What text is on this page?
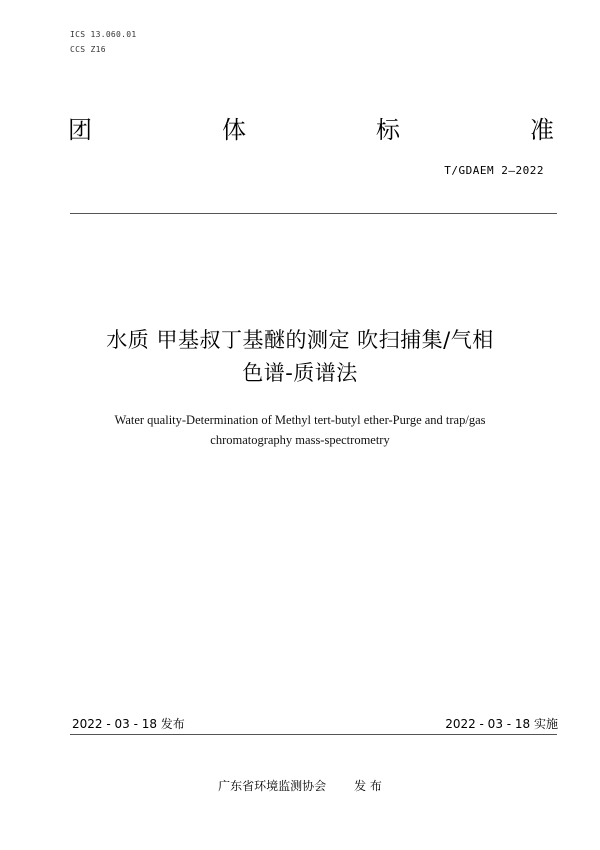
ICS 13.060.01
CCS Z16
团	体	标	准
T/GDAEM 2—2022
水质 甲基叔丁基醚的测定 吹扫捕集/气相
色谱-质谱法
Water quality-Determination of Methyl tert-butyl ether-Purge and trap/gas
chromatography mass-spectrometry
2022 - 03 - 18 发布	2022 - 03 - 18 实施
广东省环境监测协会 发 布
